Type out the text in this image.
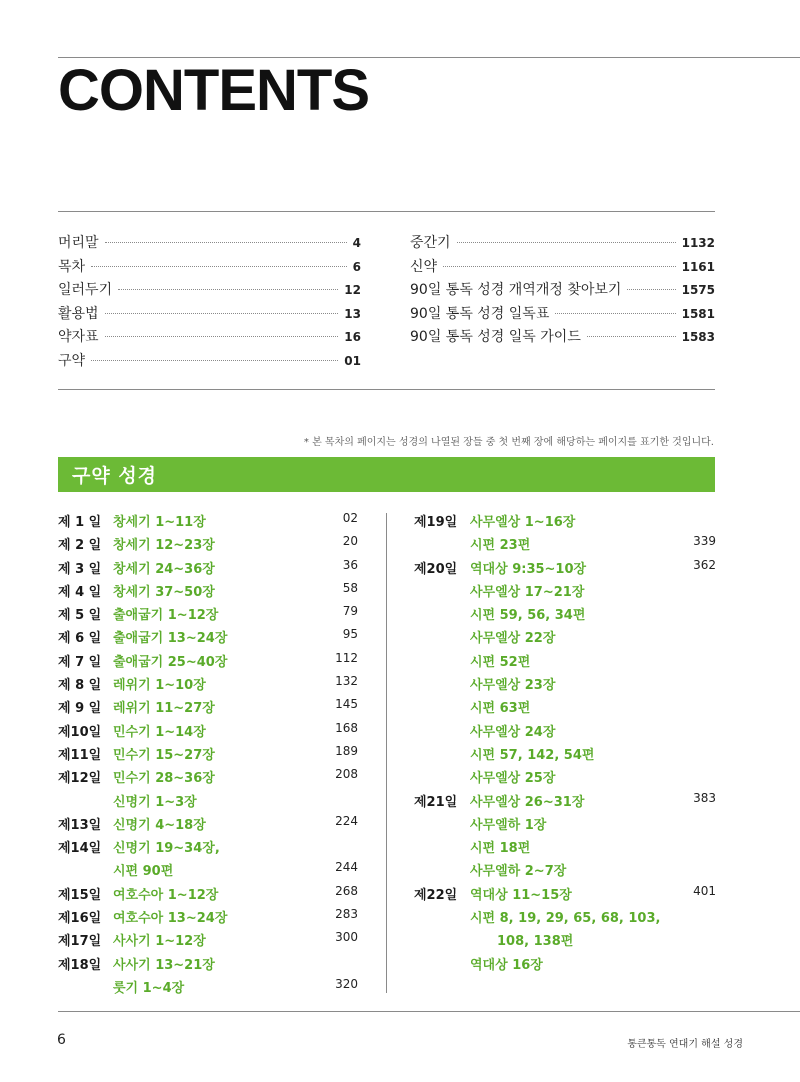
CONTENTS
머리말	4
목차	6
일러두기	12
활용법	13
약자표	16
구약	01
중간기	1132
신약	1161
90일 통독 성경 개역개정 찾아보기	1575
90일 통독 성경 일독표	1581
90일 통독 성경 일독 가이드	1583
* 본 목차의 페이지는 성경의 나열된 장들 중 첫 번째 장에 해당하는 페이지를 표기한 것입니다.
구약 성경
제 1 일 창세기 1~11장	02
제 2 일 창세기 12~23장	20
제 3 일 창세기 24~36장	36
제 4 일 창세기 37~50장	58
제 5 일 출애굽기 1~12장	79
제 6 일 출애굽기 13~24장	95
제 7 일 출애굽기 25~40장	112
제 8 일 레위기 1~10장	132
제 9 일 레위기 11~27장	145
제10일 민수기 1~14장	168
제11일 민수기 15~27장	189
제12일 민수기 28~36장	208
신명기 1~3장
제13일 신명기 4~18장	224
제14일 신명기 19~34장,
시편 90편	244
제15일 여호수아 1~12장	268
제16일 여호수아 13~24장	283
제17일 사사기 1~12장	300
제18일 사사기 13~21장
룻기 1~4장	320
제19일 사무엘상 1~16장
시편 23편	339
제20일 역대상 9:35~10장	362
사무엘상 17~21장
시편 59, 56, 34편
사무엘상 22장
시편 52편
사무엘상 23장
시편 63편
사무엘상 24장
시편 57, 142, 54편
사무엘상 25장
제21일 사무엘상 26~31장	383
사무엘하 1장
시편 18편
사무엘하 2~7장
제22일 역대상 11~15장	401
시편 8, 19, 29, 65, 68, 103,
108, 138편
역대상 16장
6	통큰통독 연대기 해설 성경
